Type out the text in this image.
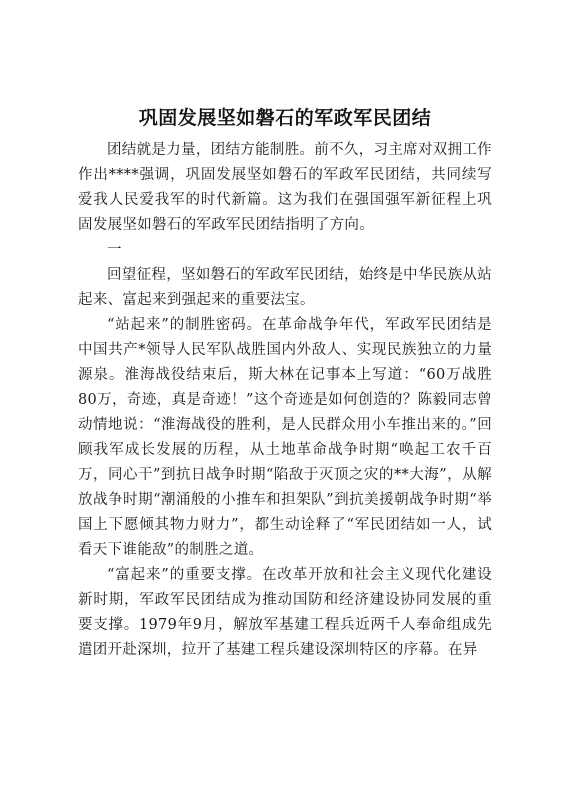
巩固发展坚如磐石的军政军民团结

团结就是力量，团结方能制胜。前不久，习主席对双拥工作作出****强调，巩固发展坚如磐石的军政军民团结，共同续写爱我人民爱我军的时代新篇。这为我们在强国强军新征程上巩固发展坚如磐石的军政军民团结指明了方向。

一

回望征程，坚如磐石的军政军民团结，始终是中华民族从站起来、富起来到强起来的重要法宝。

“站起来”的制胜密码。在革命战争年代，军政军民团结是中国共产*领导人民军队战胜国内外敌人、实现民族独立的力量源泉。淮海战役结束后，斯大林在记事本上写道：“60万战胜80万，奇迹，真是奇迹！”这个奇迹是如何创造的？陈毅同志曾动情地说：“淮海战役的胜利，是人民群众用小车推出来的。”回顾我军成长发展的历程，从土地革命战争时期“唤起工农千百万，同心干”到抗日战争时期“陷敌于灭顶之灾的**大海”，从解放战争时期“潮涌般的小推车和担架队”到抗美援朝战争时期“举国上下愿倾其物力财力”，都生动诠释了“军民团结如一人，试看天下谁能敌”的制胜之道。

“富起来”的重要支撑。在改革开放和社会主义现代化建设新时期，军政军民团结成为推动国防和经济建设协同发展的重要支撑。1979年9月，解放军基建工程兵近两千人奉命组成先遣团开赴深圳，拉开了基建工程兵建设深圳特区的序幕。在异
